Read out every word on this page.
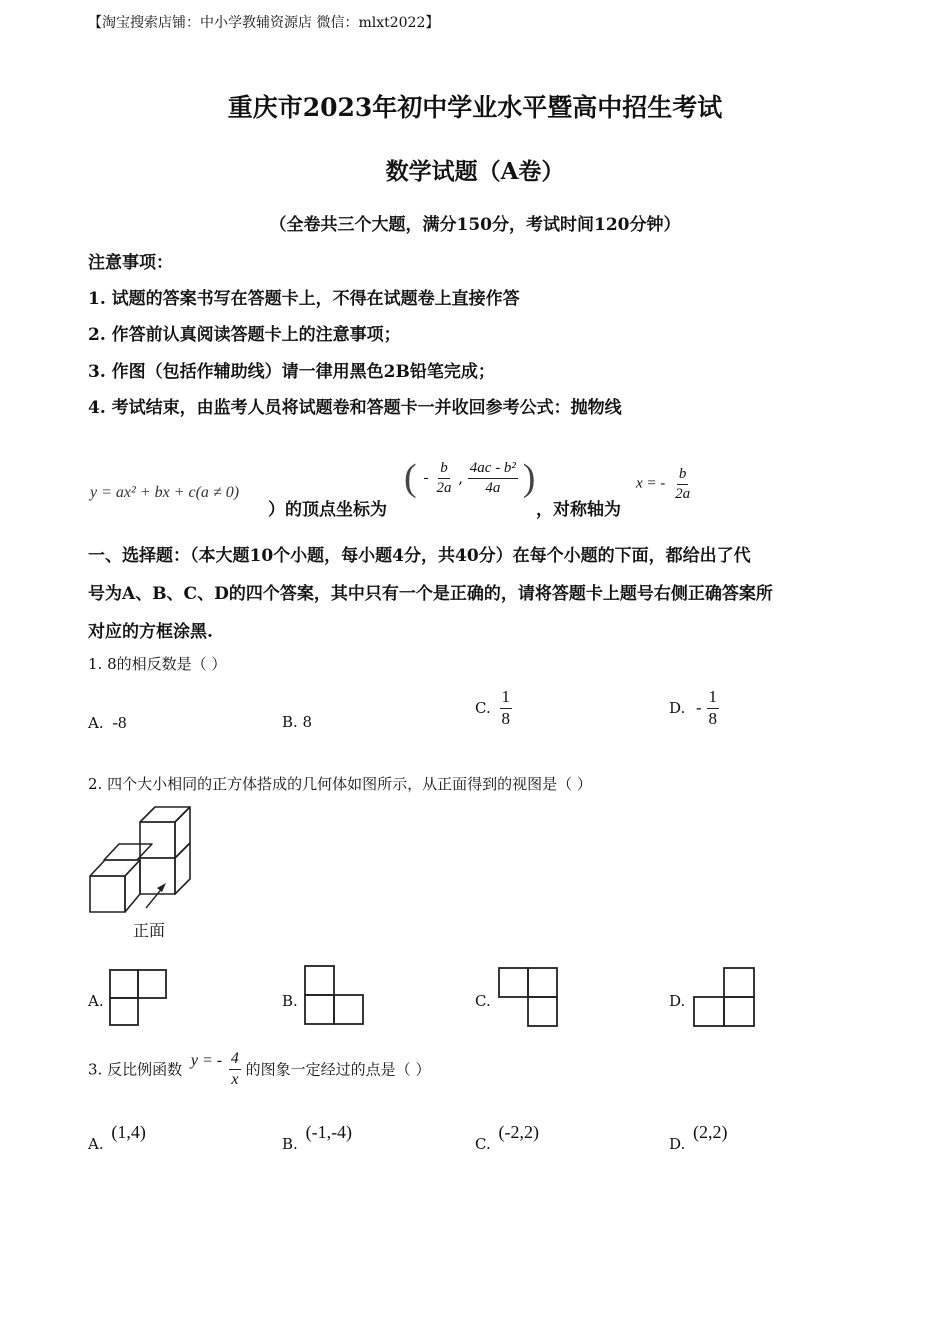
【淘宝搜索店铺：中小学教辅资源店 微信：mlxt2022】
重庆市2023年初中学业水平暨高中招生考试
数学试题（A卷）
（全卷共三个大题，满分150分，考试时间120分钟）
注意事项：
1. 试题的答案书写在答题卡上，不得在试题卷上直接作答
2. 作答前认真阅读答题卡上的注意事项；
3. 作图（包括作辅助线）请一律用黑色2B铅笔完成；
4. 考试结束，由监考人员将试题卷和答题卡一并收回参考公式：抛物线
y = ax² + bx + c(a ≠ 0)
）的顶点坐标为
( - $\frac{b}{2a}$ , $\frac{\text{4ac - b²}}{4a}$ )
，对称轴为
x = - $\frac{b}{2a}$
一、选择题：（本大题10个小题，每小题4分，共40分）在每个小题的下面，都给出了代
号为A、B、C、D的四个答案，其中只有一个是正确的，请将答题卡上题号右侧正确答案所
对应的方框涂黑.
1. 8的相反数是（ ）
A. -8	B. 8
C. $\frac{1}{8}$	D. - $\frac{1}{8}$
2. 四个大小相同的正方体搭成的几何体如图所示，从正面得到的视图是（ ）
正面
A.	B.	C.	D.
3. 反比例函数 y = - $\frac{4}{x}$ 的图象一定经过的点是（ ）
A. (1,4)
B. (-1,-4)
C. (-2,2)
D. (2,2)
